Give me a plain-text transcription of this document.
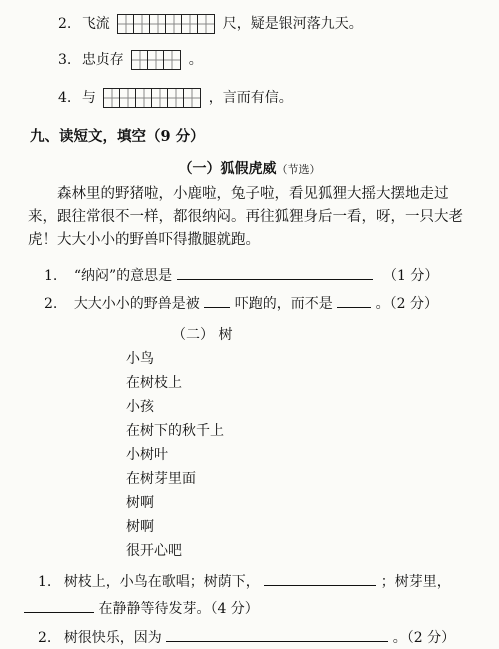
2. 飞流	尺，疑是银河落九天。
3. 忠贞存	。
4. 与	，言而有信。
九、读短文，填空（9 分）
（一）狐假虎威（节选）
森林里的野猪啦，小鹿啦，兔子啦，看见狐狸大摇大摆地走过来，跟往常很不一样，都很纳闷。再往狐狸身后一看，呀，一只大老虎！大大小小的野兽吓得撒腿就跑。
1. “纳闷”的意思是	（1 分）
2. 大大小小的野兽是被 吓跑的，而不是	。（2 分）
（二） 树
小鸟
在树枝上
小孩
在树下的秋千上
小树叶
在树芽里面
树啊
树啊
很开心吧
1. 树枝上，小鸟在歌唱；树荫下，	；树芽里，
在静静等待发芽。（4 分）
2. 树很快乐，因为	。（2 分）
